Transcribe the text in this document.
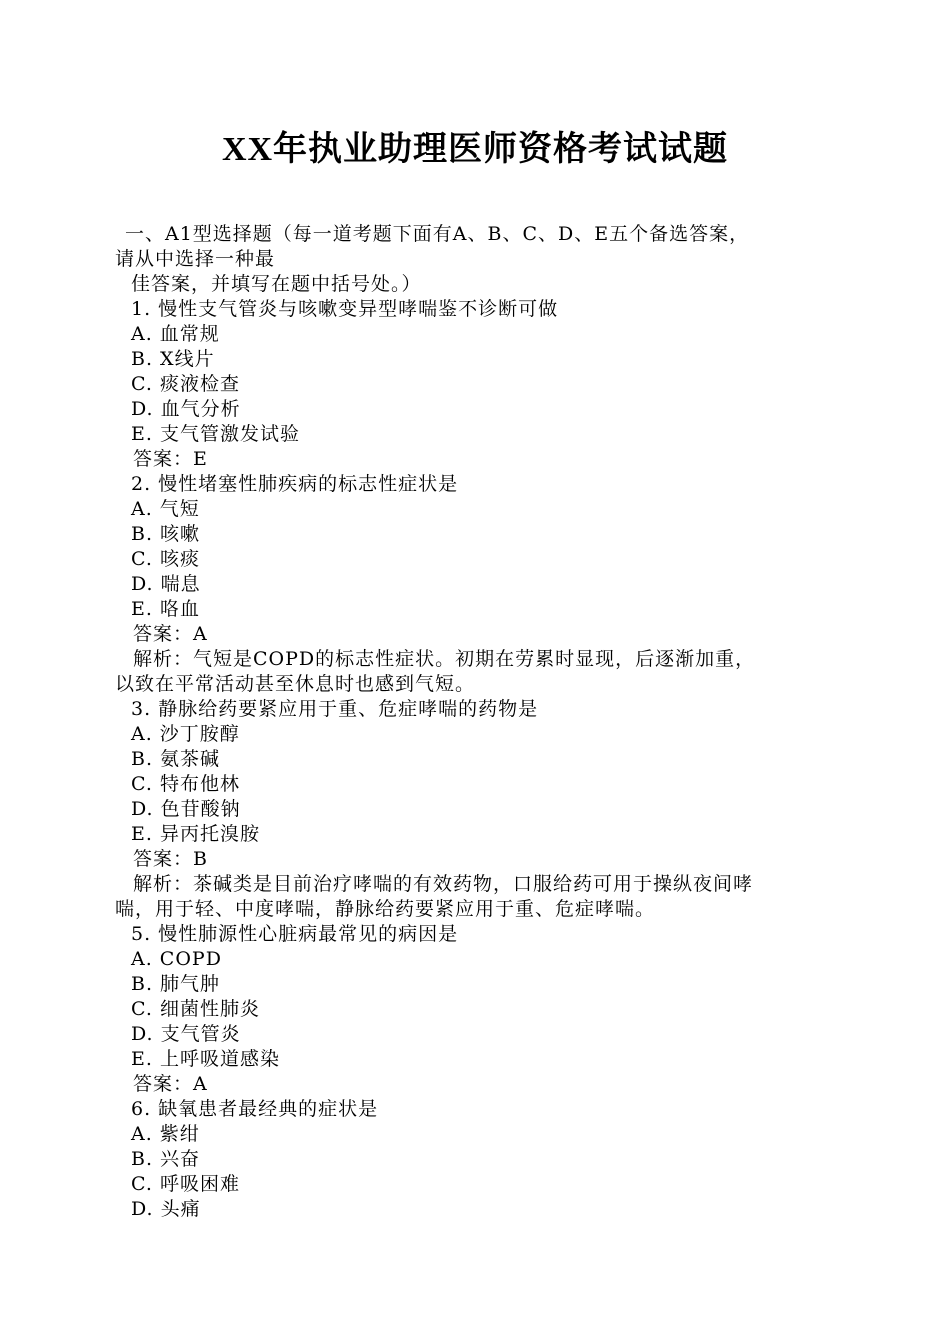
XX年执业助理医师资格考试试题
一、A1型选择题（每一道考题下面有A、B、C、D、E五个备选答案，
请从中选择一种最
佳答案，并填写在题中括号处。）
1. 慢性支气管炎与咳嗽变异型哮喘鉴不诊断可做
A. 血常规
B. X线片
C. 痰液检查
D. 血气分析
E. 支气管激发试验
答案：E
2. 慢性堵塞性肺疾病的标志性症状是
A. 气短
B. 咳嗽
C. 咳痰
D. 喘息
E. 咯血
答案：A
解析：气短是COPD的标志性症状。初期在劳累时显现，后逐渐加重，
以致在平常活动甚至休息时也感到气短。
3. 静脉给药要紧应用于重、危症哮喘的药物是
A. 沙丁胺醇
B. 氨茶碱
C. 特布他林
D. 色苷酸钠
E. 异丙托溴胺
答案：B
解析：茶碱类是目前治疗哮喘的有效药物，口服给药可用于操纵夜间哮
喘，用于轻、中度哮喘，静脉给药要紧应用于重、危症哮喘。
5. 慢性肺源性心脏病最常见的病因是
A. COPD
B. 肺气肿
C. 细菌性肺炎
D. 支气管炎
E. 上呼吸道感染
答案：A
6. 缺氧患者最经典的症状是
A. 紫绀
B. 兴奋
C. 呼吸困难
D. 头痛
